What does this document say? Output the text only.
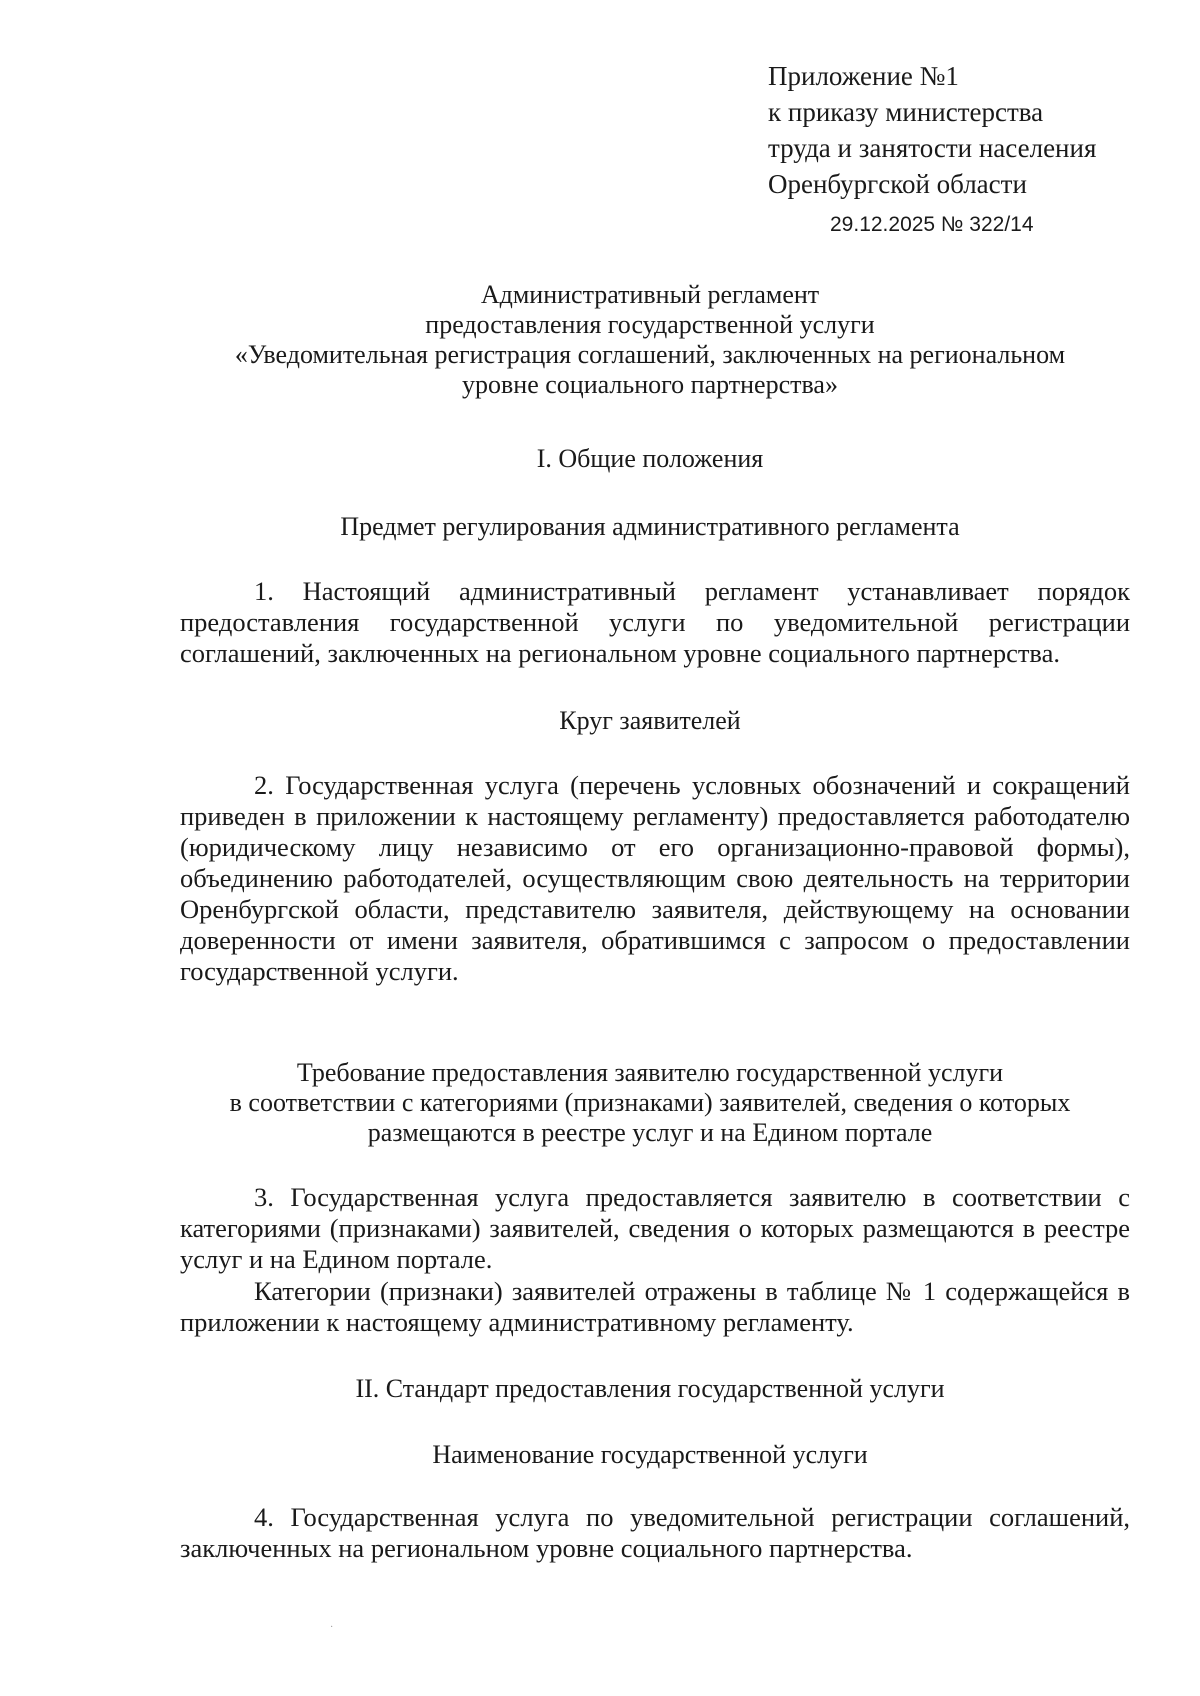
Приложение №1
к приказу министерства
труда и занятости населения
Оренбургской области
29.12.2025 № 322/14
Административный регламент
предоставления государственной услуги
«Уведомительная регистрация соглашений, заключенных на региональном
уровне социального партнерства»
I. Общие положения
Предмет регулирования административного регламента
1. Настоящий административный регламент устанавливает порядок предоставления государственной услуги по уведомительной регистрации соглашений, заключенных на региональном уровне социального партнерства.
Круг заявителей
2. Государственная услуга (перечень условных обозначений и сокращений приведен в приложении к настоящему регламенту) предоставляется работодателю (юридическому лицу независимо от его организационно-правовой формы), объединению работодателей, осуществляющим свою деятельность на территории Оренбургской области, представителю заявителя, действующему на основании доверенности от имени заявителя, обратившимся с запросом о предоставлении государственной услуги.
Требование предоставления заявителю государственной услуги
в соответствии с категориями (признаками) заявителей, сведения о которых
размещаются в реестре услуг и на Едином портале
3. Государственная услуга предоставляется заявителю в соответствии с категориями (признаками) заявителей, сведения о которых размещаются в реестре услуг и на Едином портале.
Категории (признаки) заявителей отражены в таблице № 1 содержащейся в приложении к настоящему административному регламенту.
II. Стандарт предоставления государственной услуги
Наименование государственной услуги
4. Государственная услуга по уведомительной регистрации соглашений, заключенных на региональном уровне социального партнерства.
·
